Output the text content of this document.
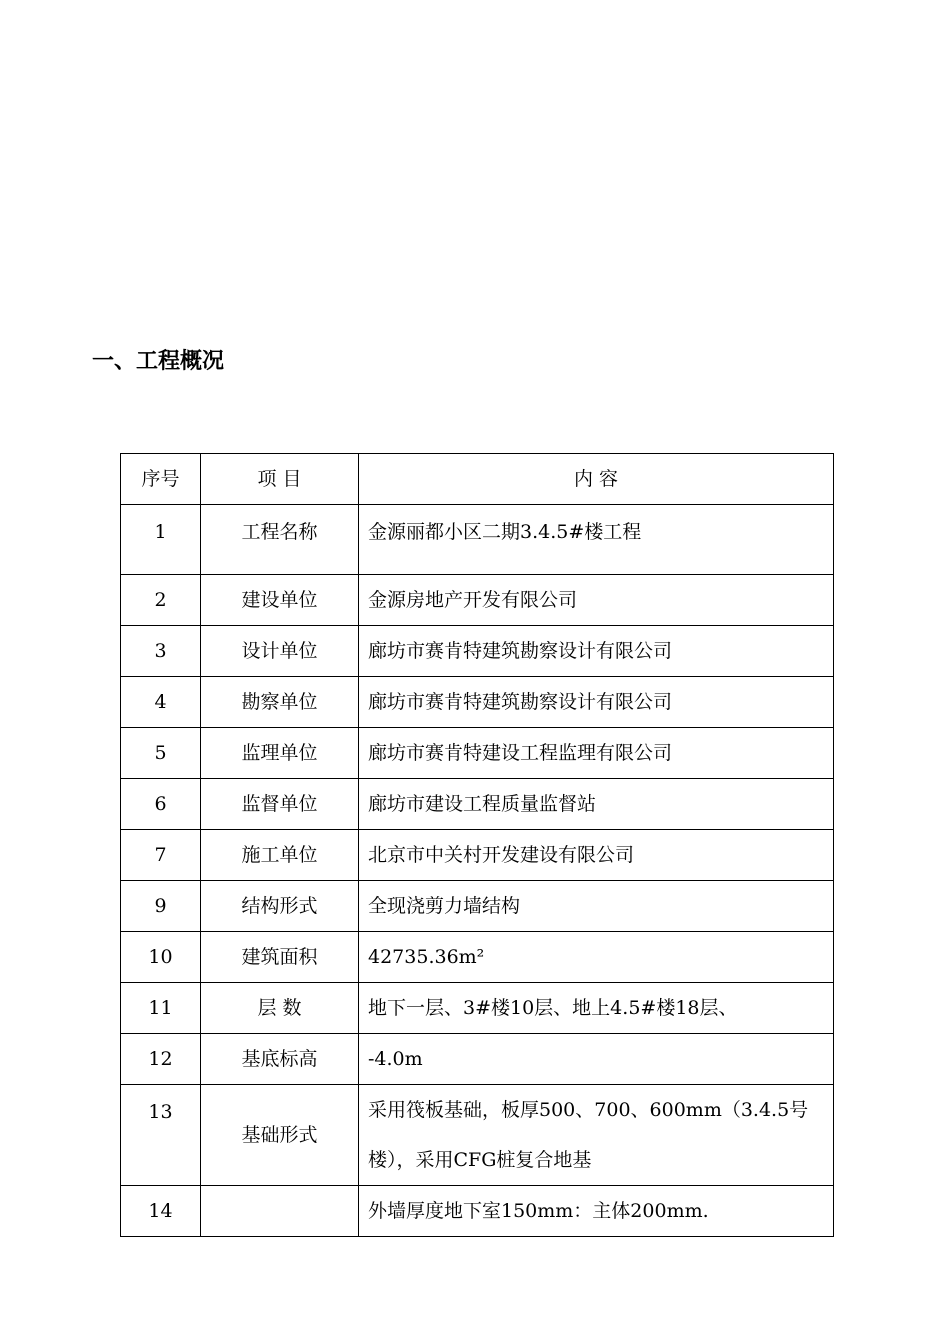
一、工程概况
序号	项 目	内 容
1	工程名称	金源丽都小区二期3.4.5#楼工程
2	建设单位	金源房地产开发有限公司
3	设计单位	廊坊市赛肯特建筑勘察设计有限公司
4	勘察单位	廊坊市赛肯特建筑勘察设计有限公司
5	监理单位	廊坊市赛肯特建设工程监理有限公司
6	监督单位	廊坊市建设工程质量监督站
7	施工单位	北京市中关村开发建设有限公司
9	结构形式	全现浇剪力墙结构
10	建筑面积	42735.36m²
11	层 数	地下一层、3#楼10层、地上4.5#楼18层、
12	基底标高	-4.0m
13	基础形式	采用筏板基础，板厚500、700、600mm（3.4.5号楼），采用CFG桩复合地基
14		外墙厚度地下室150mm：主体200mm.
